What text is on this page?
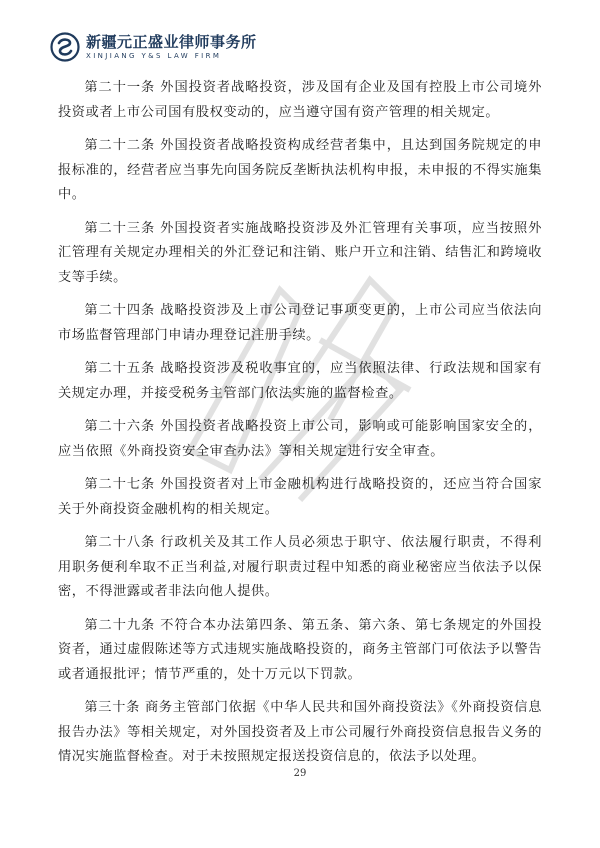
新疆元正盛业律师事务所
XINJIANG Y&S LAW FIRM

第二十一条 外国投资者战略投资，涉及国有企业及国有控股上市公司境外投资或者上市公司国有股权变动的，应当遵守国有资产管理的相关规定。

第二十二条 外国投资者战略投资构成经营者集中，且达到国务院规定的申报标准的，经营者应当事先向国务院反垄断执法机构申报，未申报的不得实施集中。

第二十三条 外国投资者实施战略投资涉及外汇管理有关事项，应当按照外汇管理有关规定办理相关的外汇登记和注销、账户开立和注销、结售汇和跨境收支等手续。

第二十四条 战略投资涉及上市公司登记事项变更的，上市公司应当依法向市场监督管理部门申请办理登记注册手续。

第二十五条 战略投资涉及税收事宜的，应当依照法律、行政法规和国家有关规定办理，并接受税务主管部门依法实施的监督检查。

第二十六条 外国投资者战略投资上市公司，影响或可能影响国家安全的，应当依照《外商投资安全审查办法》等相关规定进行安全审查。

第二十七条 外国投资者对上市金融机构进行战略投资的，还应当符合国家关于外商投资金融机构的相关规定。

第二十八条 行政机关及其工作人员必须忠于职守、依法履行职责，不得利用职务便利牟取不正当利益,对履行职责过程中知悉的商业秘密应当依法予以保密，不得泄露或者非法向他人提供。

第二十九条 不符合本办法第四条、第五条、第六条、第七条规定的外国投资者，通过虚假陈述等方式违规实施战略投资的，商务主管部门可依法予以警告或者通报批评；情节严重的，处十万元以下罚款。

第三十条 商务主管部门依据《中华人民共和国外商投资法》《外商投资信息报告办法》等相关规定，对外国投资者及上市公司履行外商投资信息报告义务的情况实施监督检查。对于未按照规定报送投资信息的，依法予以处理。

29
